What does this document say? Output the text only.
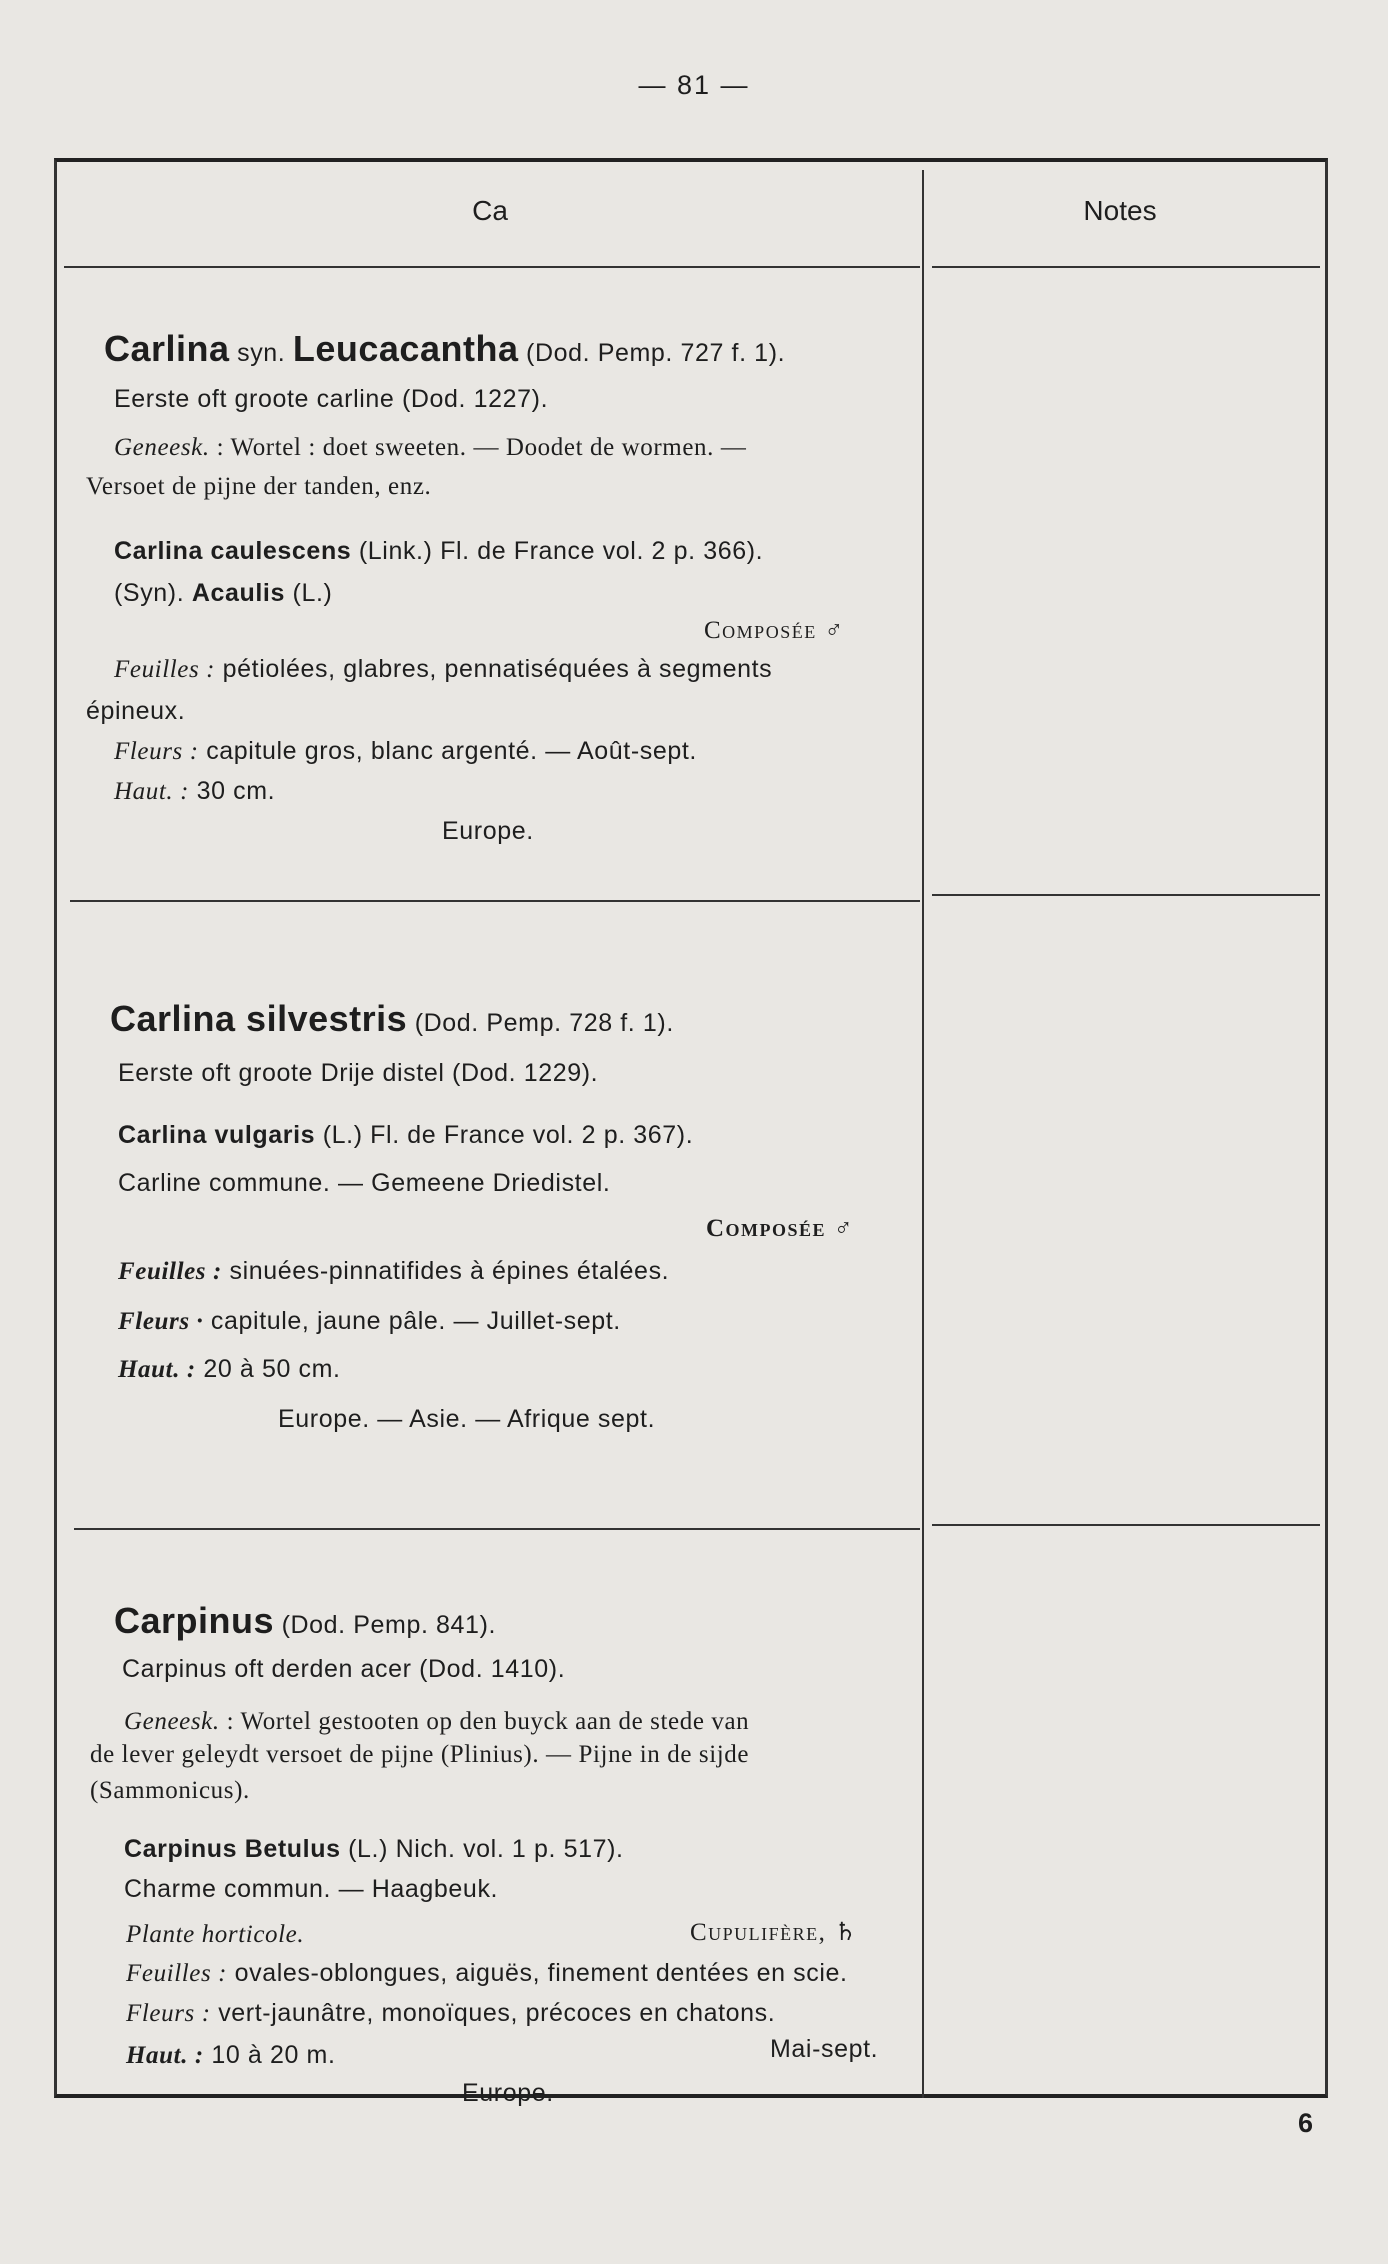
— 81 —
Ca	Notes
Carlina syn. Leucacantha (Dod. Pemp. 727 f. 1).
Eerste oft groote carline (Dod. 1227).
Geneesk. : Wortel : doet sweeten. — Doodet de wormen. —
Versoet de pijne der tanden, enz.
Carlina caulescens (Link.) Fl. de France vol. 2 p. 366).
(Syn). Acaulis (L.)
Composée ♂
Feuilles : pétiolées, glabres, pennatiséquées à segments
épineux.
Fleurs : capitule gros, blanc argenté. — Août-sept.
Haut. : 30 cm.
Europe.
Carlina silvestris (Dod. Pemp. 728 f. 1).
Eerste oft groote Drije distel (Dod. 1229).
Carlina vulgaris (L.) Fl. de France vol. 2 p. 367).
Carline commune. — Gemeene Driedistel.
Composée ♂
Feuilles : sinuées-pinnatifides à épines étalées.
Fleurs · capitule, jaune pâle. — Juillet-sept.
Haut. : 20 à 50 cm.
Europe. — Asie. — Afrique sept.
Carpinus (Dod. Pemp. 841).
Carpinus oft derden acer (Dod. 1410).
Geneesk. : Wortel gestooten op den buyck aan de stede van
de lever geleydt versoet de pijne (Plinius). — Pijne in de sijde
(Sammonicus).
Carpinus Betulus (L.) Nich. vol. 1 p. 517).
Charme commun. — Haagbeuk.
Plante horticole.	Cupulifère, ♄
Feuilles : ovales-oblongues, aiguës, finement dentées en scie.
Fleurs : vert-jaunâtre, monoïques, précoces en chatons.
Haut. : 10 à 20 m.	Mai-sept.
Europe.
6
